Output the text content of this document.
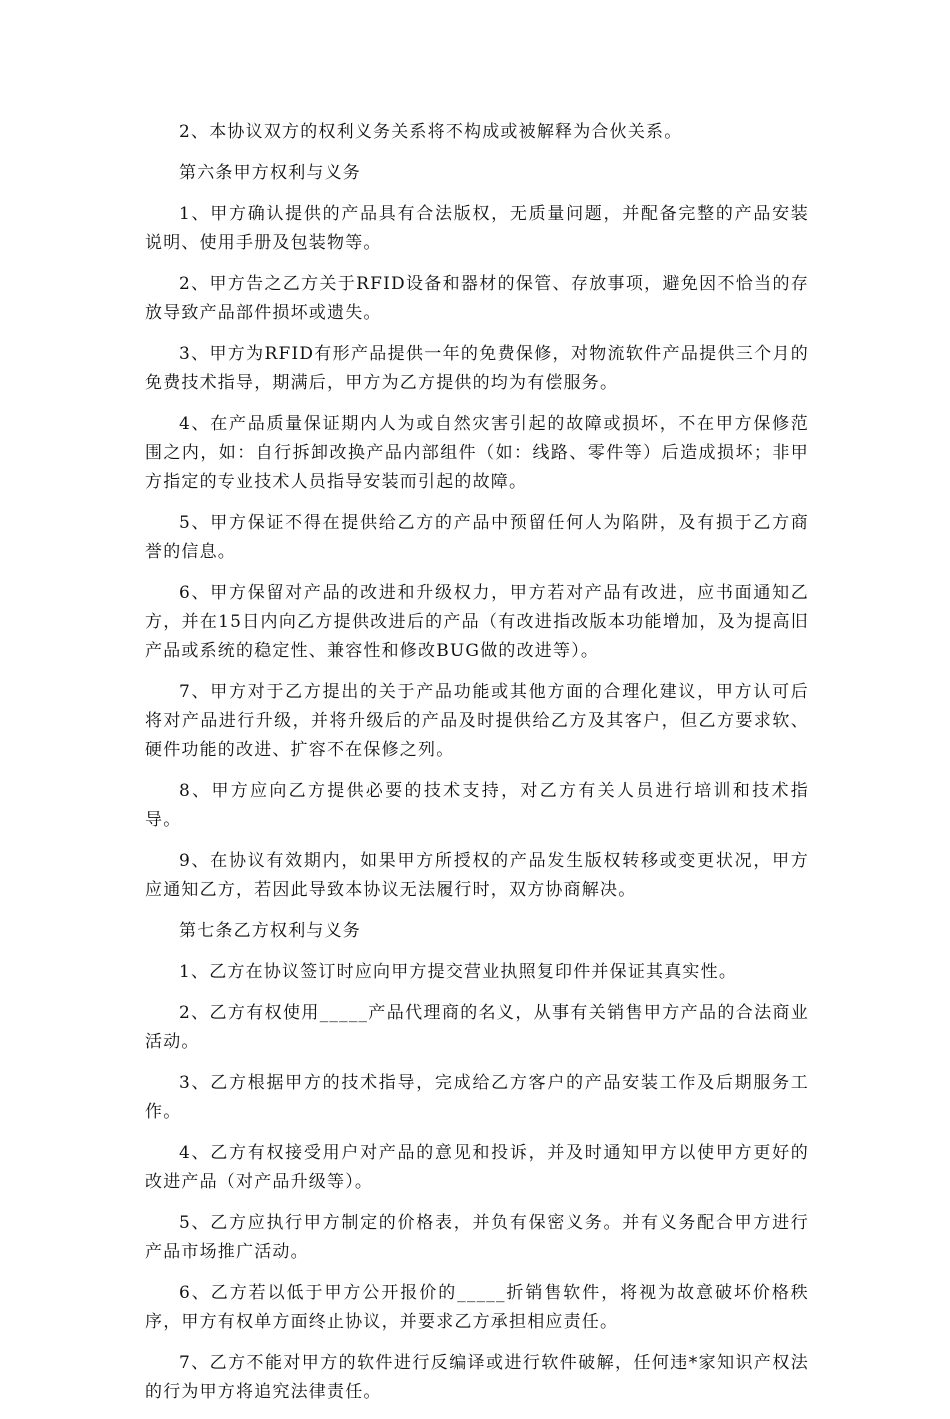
2、本协议双方的权利义务关系将不构成或被解释为合伙关系。

第六条甲方权利与义务

1、甲方确认提供的产品具有合法版权，无质量问题，并配备完整的产品安装说明、使用手册及包装物等。

2、甲方告之乙方关于RFID设备和器材的保管、存放事项，避免因不恰当的存放导致产品部件损坏或遗失。

3、甲方为RFID有形产品提供一年的免费保修，对物流软件产品提供三个月的免费技术指导，期满后，甲方为乙方提供的均为有偿服务。

4、在产品质量保证期内人为或自然灾害引起的故障或损坏，不在甲方保修范围之内，如：自行拆卸改换产品内部组件（如：线路、零件等）后造成损坏；非甲方指定的专业技术人员指导安装而引起的故障。

5、甲方保证不得在提供给乙方的产品中预留任何人为陷阱，及有损于乙方商誉的信息。

6、甲方保留对产品的改进和升级权力，甲方若对产品有改进，应书面通知乙方，并在15日内向乙方提供改进后的产品（有改进指改版本功能增加，及为提高旧产品或系统的稳定性、兼容性和修改BUG做的改进等）。

7、甲方对于乙方提出的关于产品功能或其他方面的合理化建议，甲方认可后将对产品进行升级，并将升级后的产品及时提供给乙方及其客户，但乙方要求软、硬件功能的改进、扩容不在保修之列。

8、甲方应向乙方提供必要的技术支持，对乙方有关人员进行培训和技术指导。

9、在协议有效期内，如果甲方所授权的产品发生版权转移或变更状况，甲方应通知乙方，若因此导致本协议无法履行时，双方协商解决。

第七条乙方权利与义务

1、乙方在协议签订时应向甲方提交营业执照复印件并保证其真实性。

2、乙方有权使用_____产品代理商的名义，从事有关销售甲方产品的合法商业活动。

3、乙方根据甲方的技术指导，完成给乙方客户的产品安装工作及后期服务工作。

4、乙方有权接受用户对产品的意见和投诉，并及时通知甲方以使甲方更好的改进产品（对产品升级等）。

5、乙方应执行甲方制定的价格表，并负有保密义务。并有义务配合甲方进行产品市场推广活动。

6、乙方若以低于甲方公开报价的_____折销售软件，将视为故意破坏价格秩序，甲方有权单方面终止协议，并要求乙方承担相应责任。

7、乙方不能对甲方的软件进行反编译或进行软件破解，任何违*家知识产权法的行为甲方将追究法律责任。
